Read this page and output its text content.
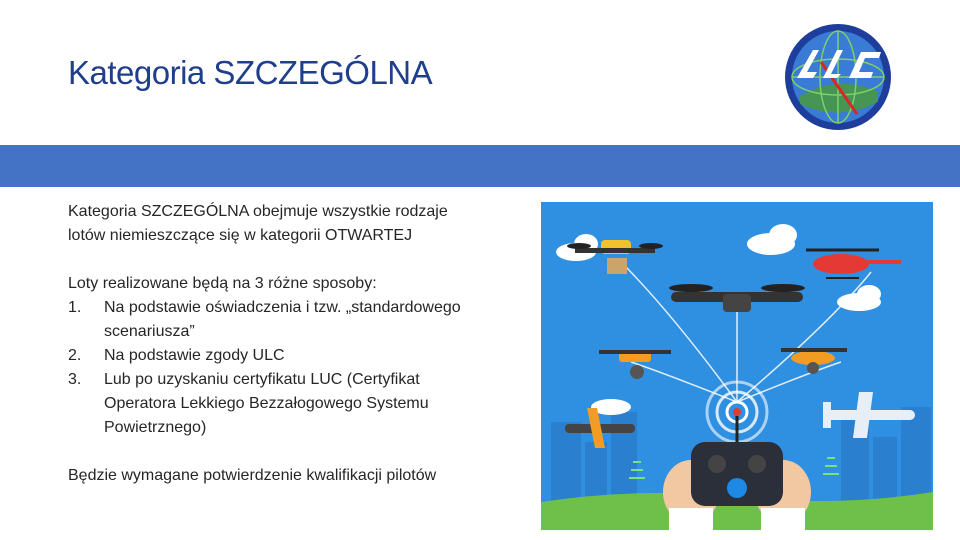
Kategoria SZCZEGÓLNA

Kategoria SZCZEGÓLNA obejmuje wszystkie rodzaje lotów niemieszczące się w kategorii OTWARTEJ

Loty realizowane będą na 3 różne sposoby:

1. Na podstawie oświadczenia i tzw. „standardowego scenariusza”
2. Na podstawie zgody ULC
3. Lub po uzyskaniu certyfikatu LUC (Certyfikat Operatora Lekkiego Bezzałogowego Systemu Powietrznego)

Będzie wymagane potwierdzenie kwalifikacji pilotów
